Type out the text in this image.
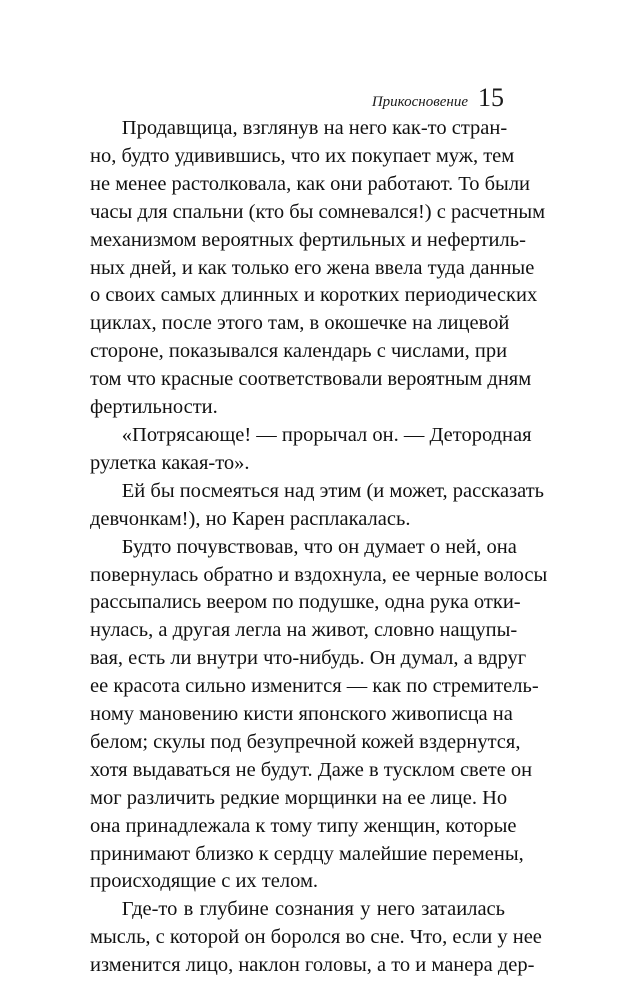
Прикосновение 15

Продавщица, взглянув на него как-то стран-
но, будто удивившись, что их покупает муж, тем
не менее растолковала, как они работают. То были
часы для спальни (кто бы сомневался!) с расчетным
механизмом вероятных фертильных и нефертиль-
ных дней, и как только его жена ввела туда данные
о своих самых длинных и коротких периодических
циклах, после этого там, в окошечке на лицевой
стороне, показывался календарь с числами, при
том что красные соответствовали вероятным дням
фертильности.

«Потрясающе! — прорычал он. — Детородная
рулетка какая-то».

Ей бы посмеяться над этим (и может, рассказать
девчонкам!), но Карен расплакалась.

Будто почувствовав, что он думает о ней, она
повернулась обратно и вздохнула, ее черные волосы
рассыпались веером по подушке, одна рука отки-
нулась, а другая легла на живот, словно нащупы-
вая, есть ли внутри что-нибудь. Он думал, а вдруг
ее красота сильно изменится — как по стремитель-
ному мановению кисти японского живописца на
белом; скулы под безупречной кожей вздернутся,
хотя выдаваться не будут. Даже в тусклом свете он
мог различить редкие морщинки на ее лице. Но
она принадлежала к тому типу женщин, которые
принимают близко к сердцу малейшие перемены,
происходящие с их телом.

Где-то в глубине сознания у него затаилась
мысль, с которой он боролся во сне. Что, если у нее
изменится лицо, наклон головы, а то и манера дер-
